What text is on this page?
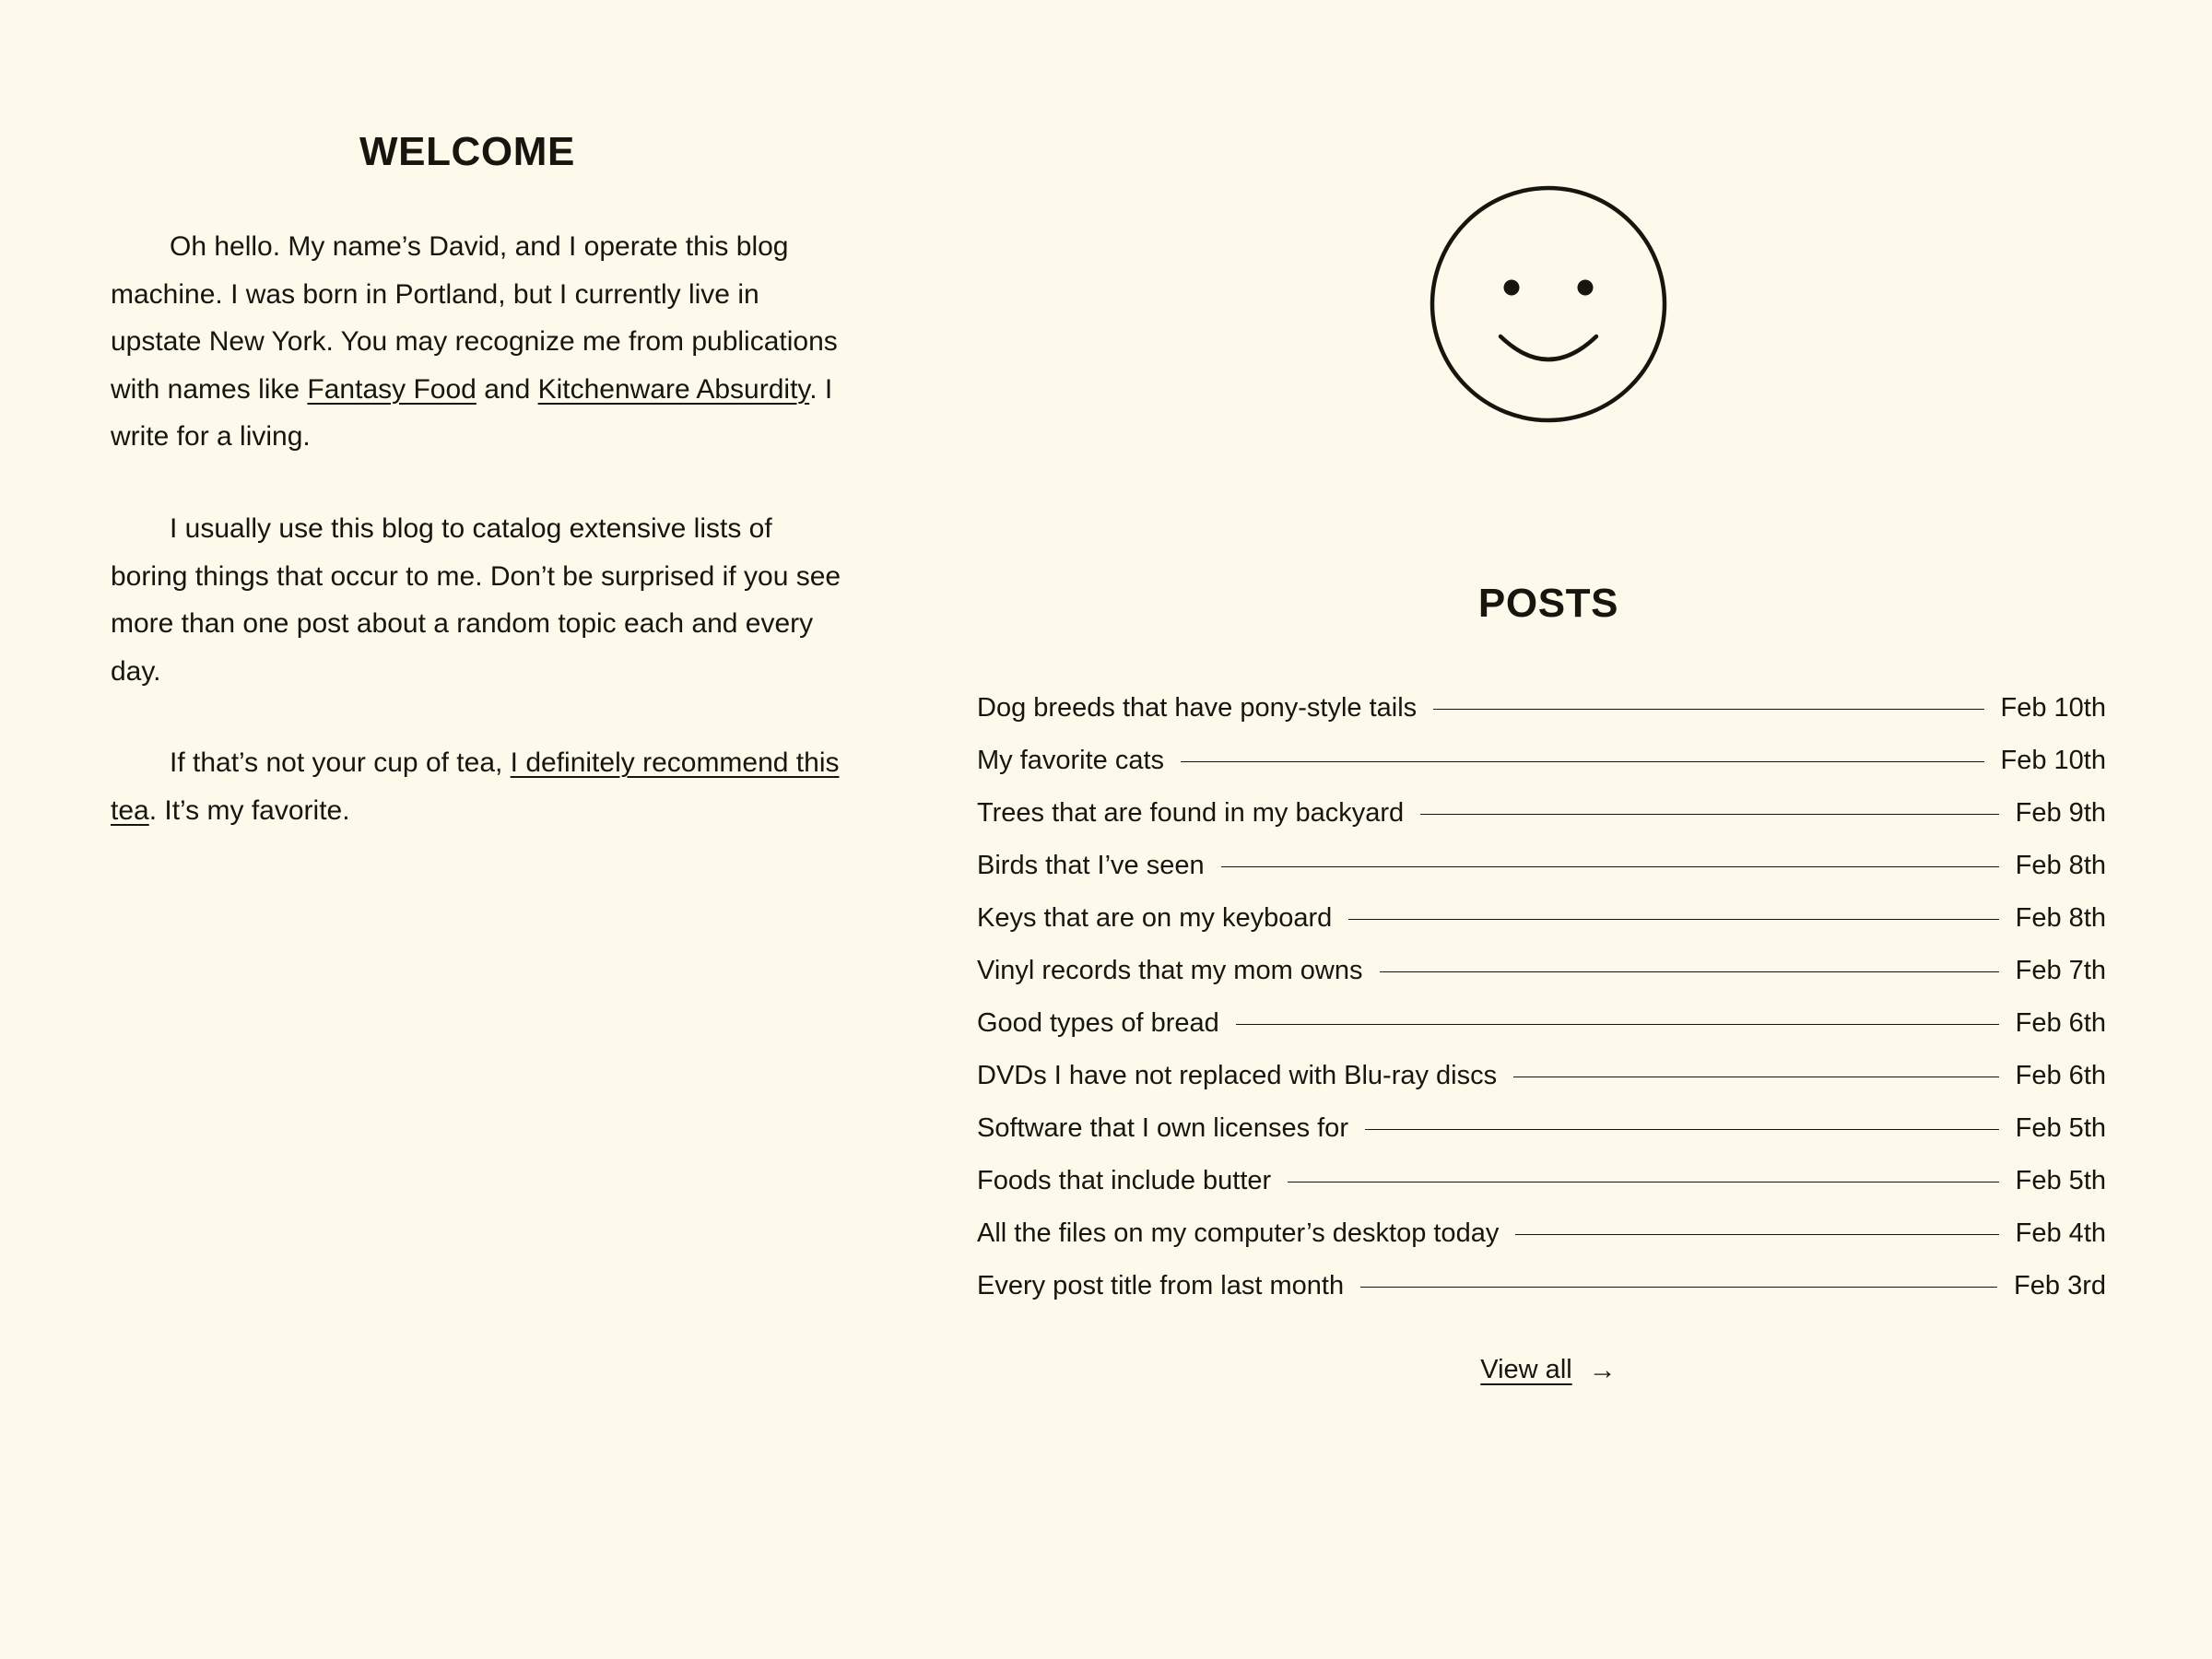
WELCOME

Oh hello. My name’s David, and I operate this blog machine. I was born in Portland, but I currently live in upstate New York. You may recognize me from publications with names like Fantasy Food and Kitchenware Absurdity. I write for a living.

I usually use this blog to catalog extensive lists of boring things that occur to me. Don’t be surprised if you see more than one post about a random topic each and every day.

If that’s not your cup of tea, I definitely recommend this tea. It’s my favorite.

POSTS
Dog breeds that have pony-style tails	Feb 10th
My favorite cats	Feb 10th
Trees that are found in my backyard	Feb 9th
Birds that I’ve seen	Feb 8th
Keys that are on my keyboard	Feb 8th
Vinyl records that my mom owns	Feb 7th
Good types of bread	Feb 6th
DVDs I have not replaced with Blu-ray discs	Feb 6th
Software that I own licenses for	Feb 5th
Foods that include butter	Feb 5th
All the files on my computer’s desktop today	Feb 4th
Every post title from last month	Feb 3rd
View all →
